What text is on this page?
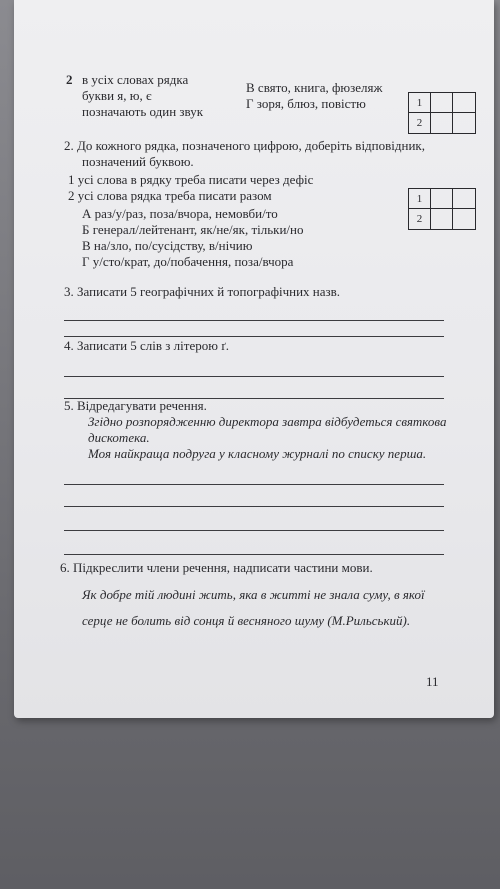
2 в усіх словах рядка
букви я, ю, є
позначають один звук
В свято, книга, фюзеляж
Г зоря, блюз, повістю	1
2
2. До кожного рядка, позначеного цифрою, доберіть відповідник,
позначений буквою.
1 усі слова в рядку треба писати через дефіс
2 усі слова рядка треба писати разом
А раз/у/раз, поза/вчора, немовби/то
Б генерал/лейтенант, як/не/як, тільки/но
В на/зло, по/сусідству, в/нічию
Г у/сто/крат, до/побачення, поза/вчора
1
2
3. Записати 5 географічних й топографічних назв.
4. Записати 5 слів з літерою ґ.
5. Відредагувати речення.
Згідно розпорядженню директора завтра відбудеться святкова
дискотека.
Моя найкраща подруга у класному журналі по списку перша.
6. Підкреслити члени речення, надписати частини мови.
Як добре тій людині жить, яка в житті не знала суму, в якої
серце не болить від сонця й весняного шуму (М.Рильський).
11
